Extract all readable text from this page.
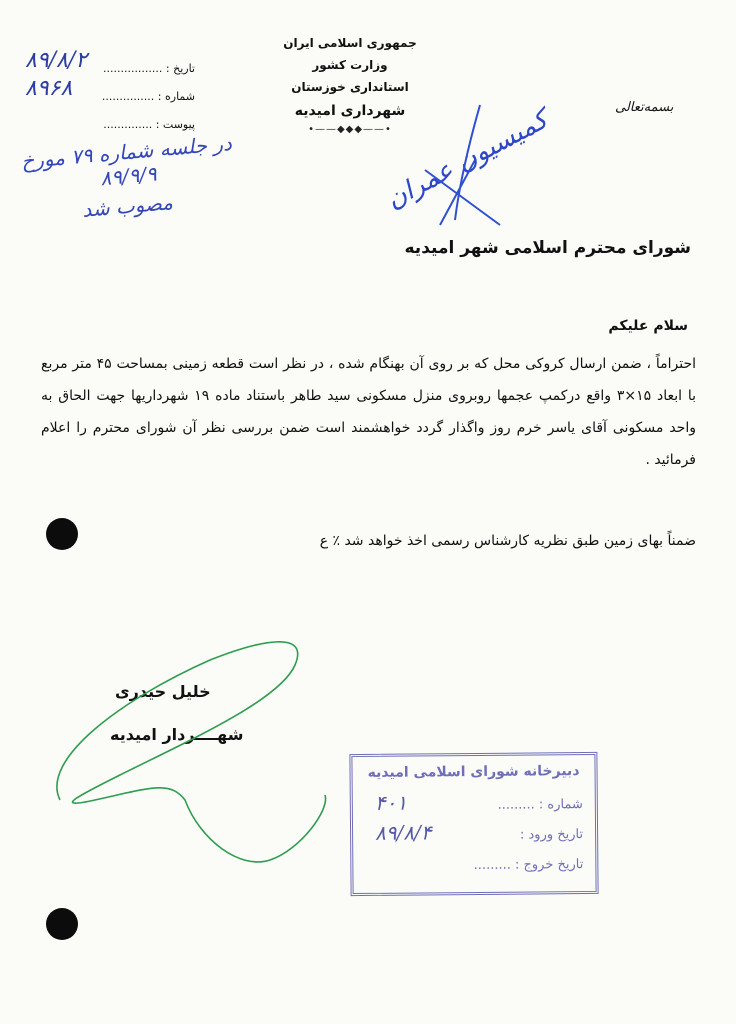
جمهوری اسلامی ایران
وزارت کشور
استانداری خوزستان
شهرداری امیدیه
•——◆◆◆——•
تاریخ : .................
۸۹/۸/۲
شماره : ...............
۸۹۶۸
پیوست : ..............
بسمه‌تعالی
در جلسه شماره ۷۹ مورخ ۸۹/۹/۹
مصوب شد	کمیسیون عمران
شورای محترم اسلامی شهر امیدیه
سلام علیکم

احتراماً ، ضمن ارسال کروکی محل که بر روی آن بهنگام شده ، در نظر است قطعه زمینی بمساحت ۴۵ متر مربع با ابعاد ۱۵×۳ واقع درکمپ عجمها روبروی منزل مسکونی سید طاهر باستناد ماده ۱۹ شهرداریها جهت الحاق به واحد مسکونی آقای یاسر خرم روز واگذار گردد خواهشمند است ضمن بررسی نظر آن شورای محترم را اعلام فرمائید .

ضمناً بهای زمین طبق نظریه کارشناس رسمی اخذ خواهد شد ٪ ع
خلیل حیدری
شهــــردار امیدیه
دبیرخانه شورای اسلامی امیدیه
شماره : .........
۴۰۱
تاریخ ورود :
۸۹/۸/۴
تاریخ خروج : .........
